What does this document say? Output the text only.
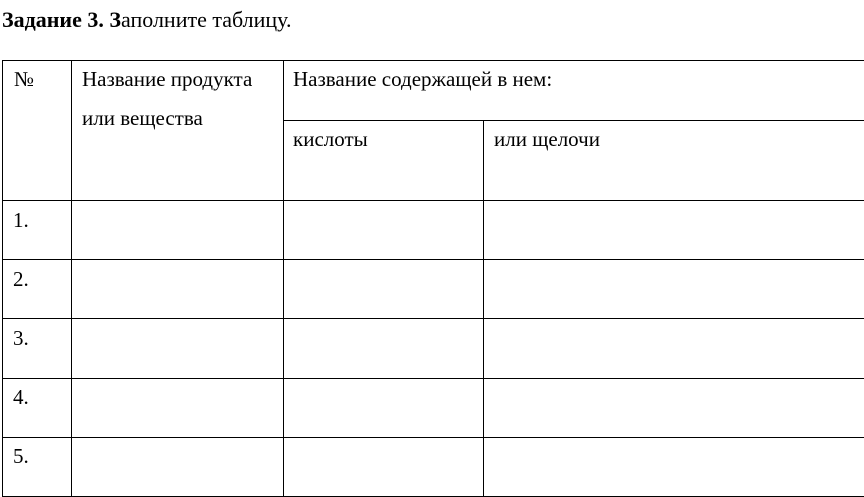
Задание 3. Заполните таблицу.
№ Название продукта или вещества
Название содержащей в нем:
кислоты	или щелочи
1.
2.
3.
4.
5.
